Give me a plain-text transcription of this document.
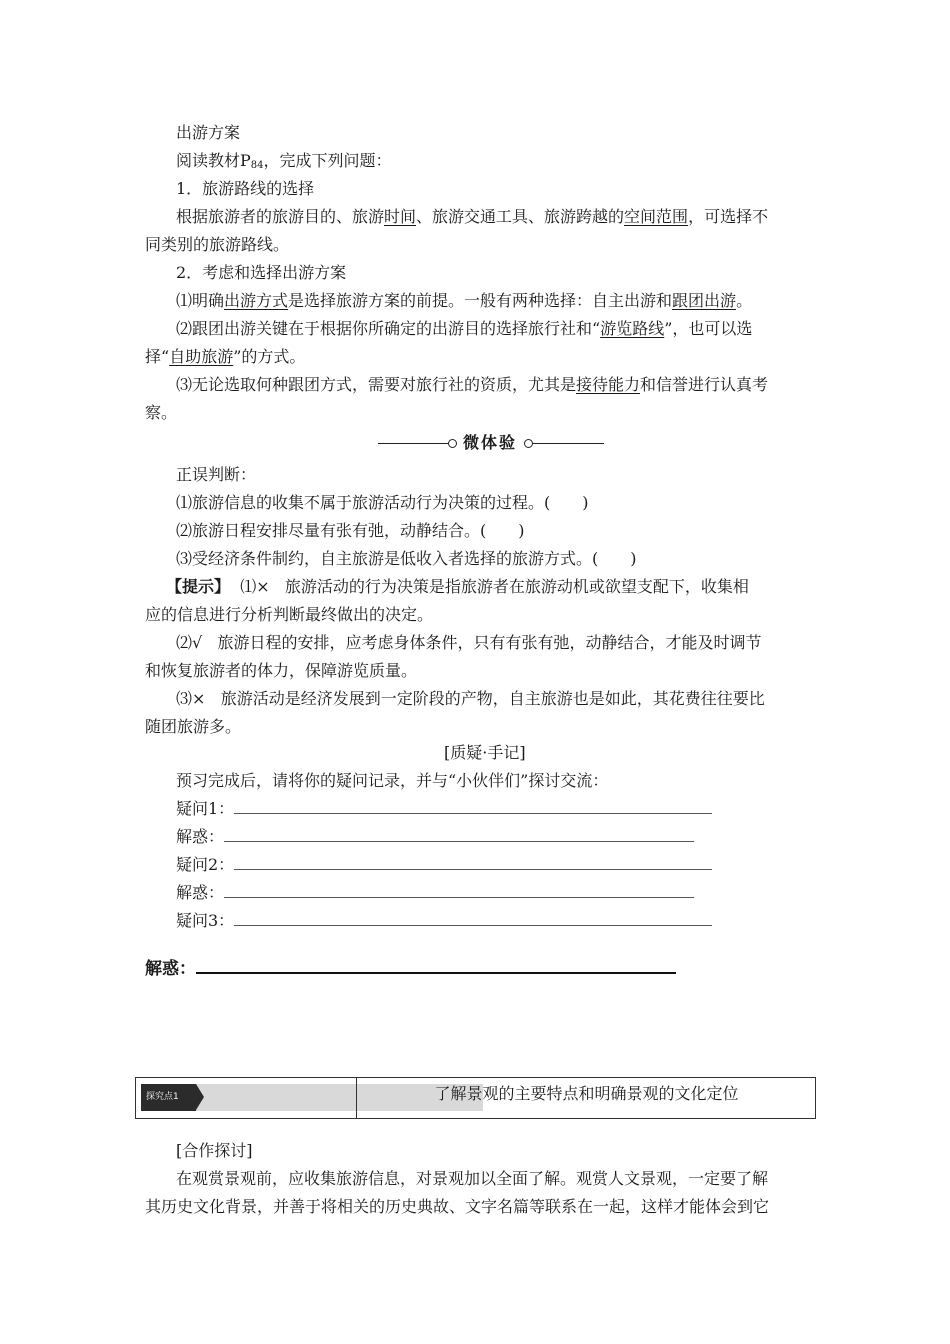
出游方案
阅读教材$P_{84}$，完成下列问题：
1．旅游路线的选择
根据旅游者的旅游目的、旅游时间、旅游交通工具、旅游跨越的空间范围，可选择不
同类别的旅游路线。
2．考虑和选择出游方案
⑴明确出游方式是选择旅游方案的前提。一般有两种选择：自主出游和跟团出游。
⑵跟团出游关键在于根据你所确定的出游目的选择旅行社和“游览路线”，也可以选
择“自助旅游”的方式。
⑶无论选取何种跟团方式，需要对旅行社的资质，尤其是接待能力和信誉进行认真考
察。
微体验
正误判断：
⑴旅游信息的收集不属于旅游活动行为决策的过程。(　　)
⑵旅游日程安排尽量有张有弛，动静结合。(　　)
⑶受经济条件制约，自主旅游是低收入者选择的旅游方式。(　　)
【提示】 ⑴× 旅游活动的行为决策是指旅游者在旅游动机或欲望支配下，收集相
应的信息进行分析判断最终做出的决定。
⑵√ 旅游日程的安排，应考虑身体条件，只有有张有弛，动静结合，才能及时调节
和恢复旅游者的体力，保障游览质量。
⑶× 旅游活动是经济发展到一定阶段的产物，自主旅游也是如此，其花费往往要比
随团旅游多。
[质疑·手记]
预习完成后，请将你的疑问记录，并与“小伙伴们”探讨交流：
疑问1：
解惑：
疑问2：
解惑：
疑问3：
解惑：
探究点1	了解景观的主要特点和明确景观的文化定位
[合作探讨]
在观赏景观前，应收集旅游信息，对景观加以全面了解。观赏人文景观，一定要了解
其历史文化背景，并善于将相关的历史典故、文字名篇等联系在一起，这样才能体会到它
